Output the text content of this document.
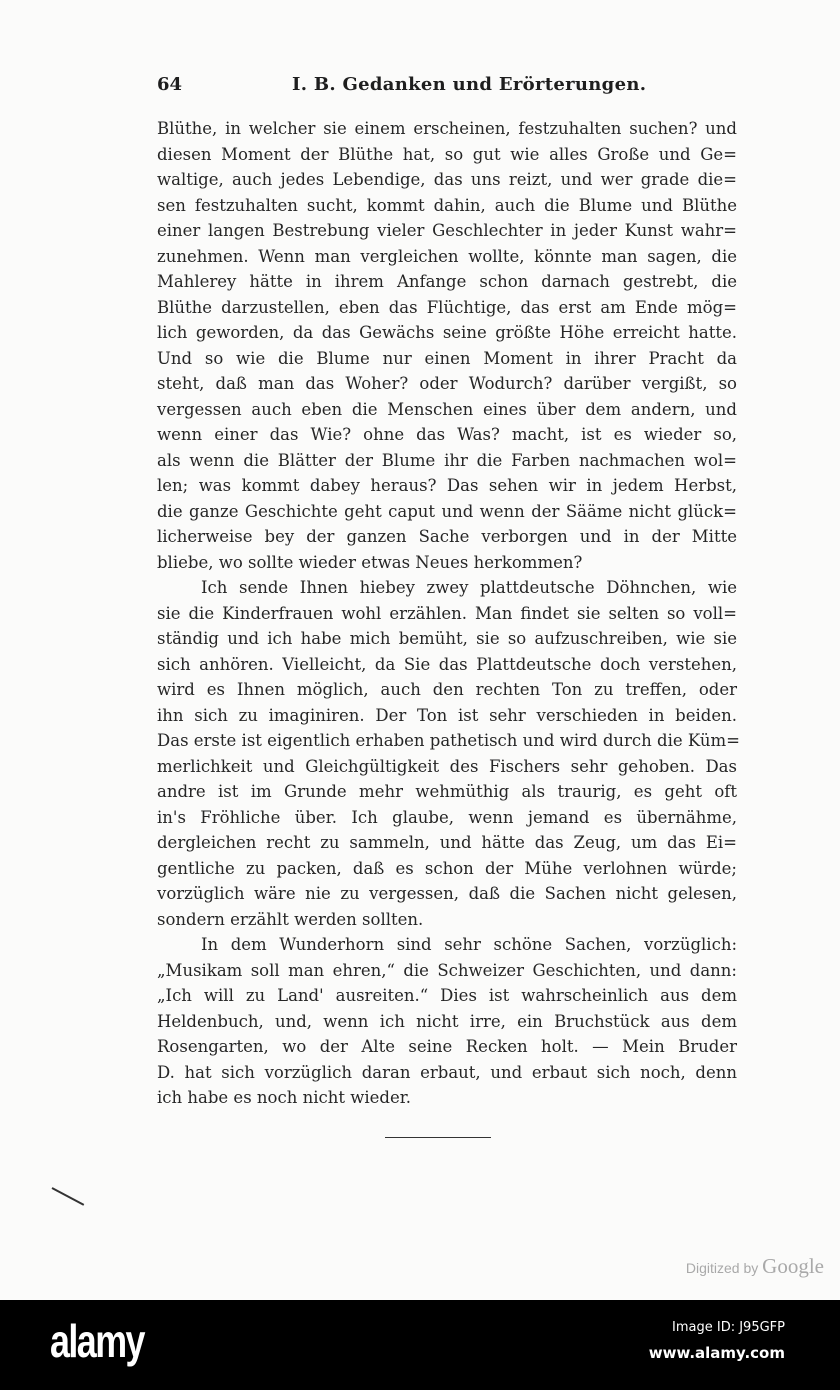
64	I. B. Gedanken und Erörterungen.
Blüthe, in welcher sie einem erscheinen, festzuhalten suchen? und
diesen Moment der Blüthe hat, so gut wie alles Große und Ge=
waltige, auch jedes Lebendige, das uns reizt, und wer grade die=
sen festzuhalten sucht, kommt dahin, auch die Blume und Blüthe
einer langen Bestrebung vieler Geschlechter in jeder Kunst wahr=
zunehmen. Wenn man vergleichen wollte, könnte man sagen, die
Mahlerey hätte in ihrem Anfange schon darnach gestrebt, die
Blüthe darzustellen, eben das Flüchtige, das erst am Ende mög=
lich geworden, da das Gewächs seine größte Höhe erreicht hatte.
Und so wie die Blume nur einen Moment in ihrer Pracht da
steht, daß man das Woher? oder Wodurch? darüber vergißt, so
vergessen auch eben die Menschen eines über dem andern, und
wenn einer das Wie? ohne das Was? macht, ist es wieder so,
als wenn die Blätter der Blume ihr die Farben nachmachen wol=
len; was kommt dabey heraus? Das sehen wir in jedem Herbst,
die ganze Geschichte geht caput und wenn der Sääme nicht glück=
licherweise bey der ganzen Sache verborgen und in der Mitte
bliebe, wo sollte wieder etwas Neues herkommen?
Ich sende Ihnen hiebey zwey plattdeutsche Döhnchen, wie
sie die Kinderfrauen wohl erzählen. Man findet sie selten so voll=
ständig und ich habe mich bemüht, sie so aufzuschreiben, wie sie
sich anhören. Vielleicht, da Sie das Plattdeutsche doch verstehen,
wird es Ihnen möglich, auch den rechten Ton zu treffen, oder
ihn sich zu imaginiren. Der Ton ist sehr verschieden in beiden.
Das erste ist eigentlich erhaben pathetisch und wird durch die Küm=
merlichkeit und Gleichgültigkeit des Fischers sehr gehoben. Das
andre ist im Grunde mehr wehmüthig als traurig, es geht oft
in's Fröhliche über. Ich glaube, wenn jemand es übernähme,
dergleichen recht zu sammeln, und hätte das Zeug, um das Ei=
gentliche zu packen, daß es schon der Mühe verlohnen würde;
vorzüglich wäre nie zu vergessen, daß die Sachen nicht gelesen,
sondern erzählt werden sollten.
In dem Wunderhorn sind sehr schöne Sachen, vorzüglich:
„Musikam soll man ehren,“ die Schweizer Geschichten, und dann:
„Ich will zu Land' ausreiten.“ Dies ist wahrscheinlich aus dem
Heldenbuch, und, wenn ich nicht irre, ein Bruchstück aus dem
Rosengarten, wo der Alte seine Recken holt. — Mein Bruder
D. hat sich vorzüglich daran erbaut, und erbaut sich noch, denn
ich habe es noch nicht wieder.
Digitized by Google
alamy	Image ID: J95GFP
www.alamy.com
